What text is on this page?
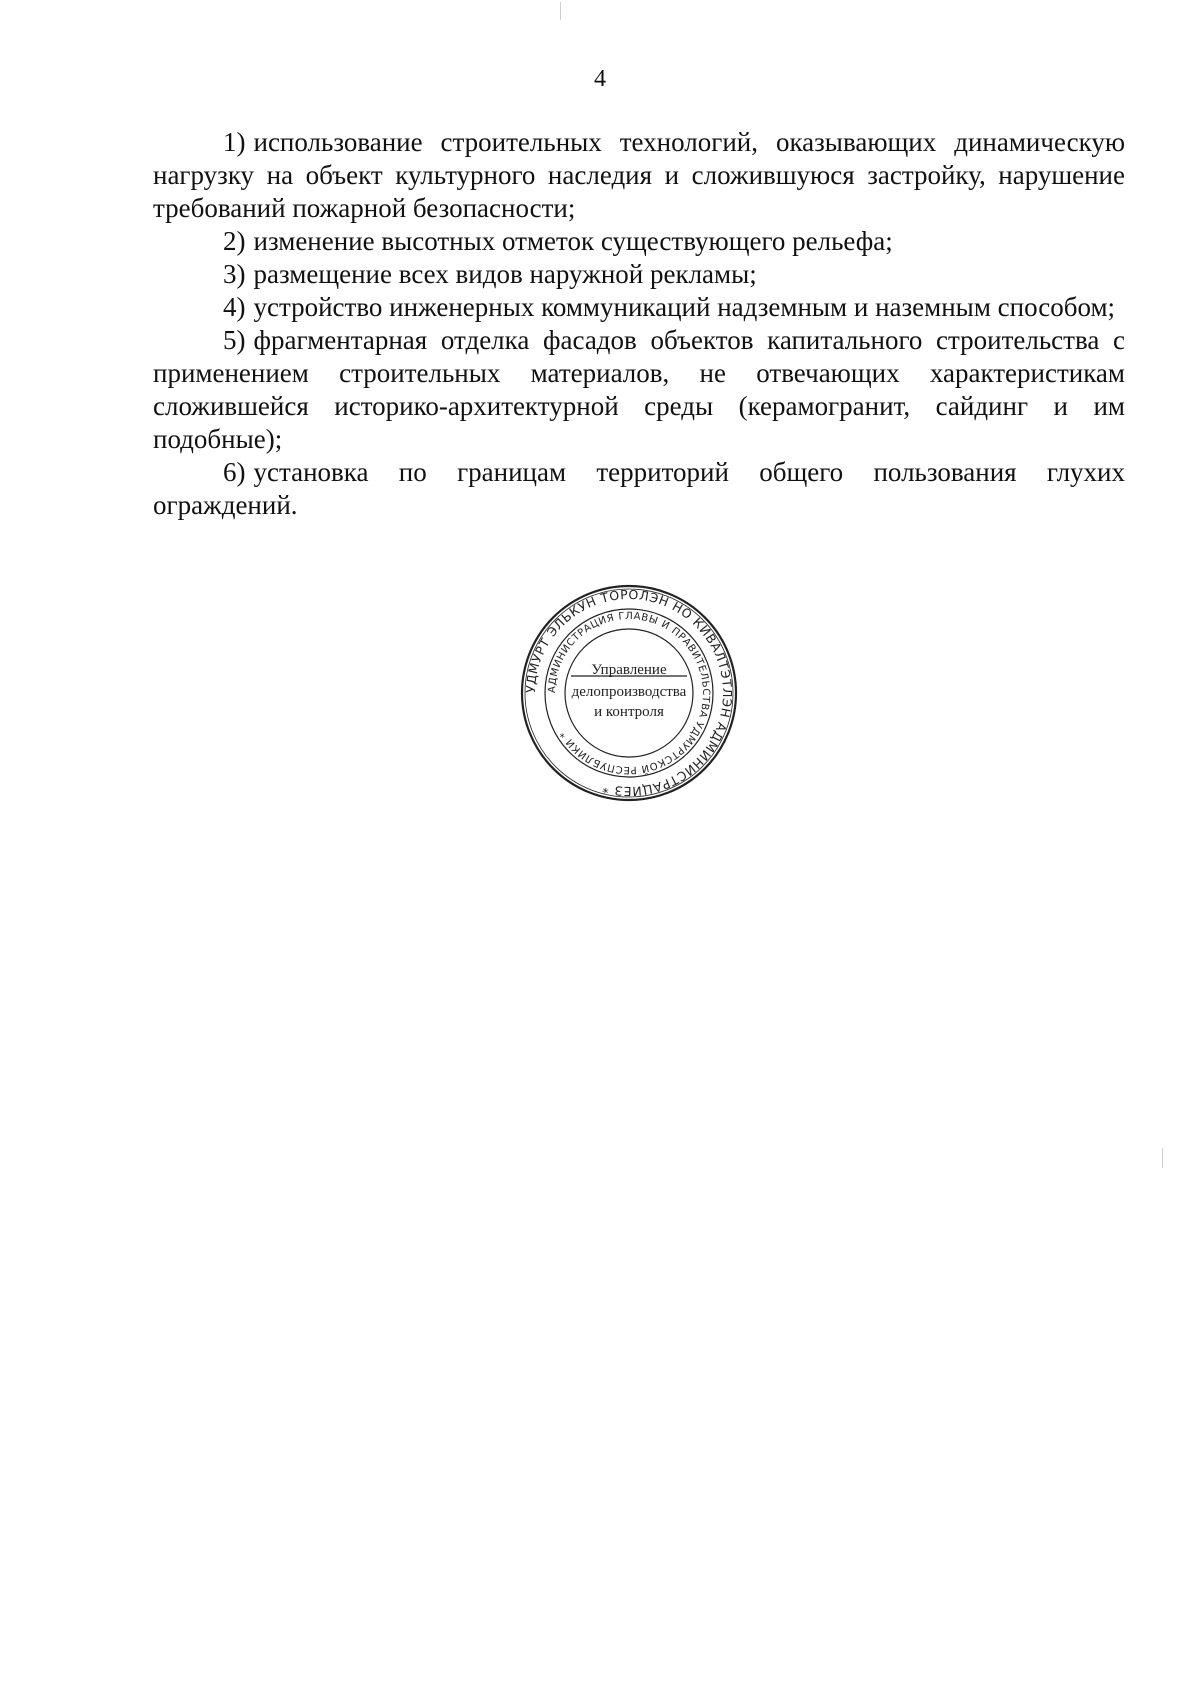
4

1) использование строительных технологий, оказывающих динамическую нагрузку на объект культурного наследия и сложившуюся застройку, нарушение требований пожарной безопасности;

2) изменение высотных отметок существующего рельефа;

3) размещение всех видов наружной рекламы;

4) устройство инженерных коммуникаций надземным и наземным способом;

5) фрагментарная отделка фасадов объектов капитального строительства с применением строительных материалов, не отвечающих характеристикам сложившейся историко-архитектурной среды (керамогранит, сайдинг и им подобные);

6) установка по границам территорий общего пользования глухих ограждений.

УДМУРТ ЭЛЬКУН ТОРОЛЭН НО КИВАЛТЭТЛЭН АДМИНИСТРАЦИЕЗ *
АДМИНИСТРАЦИЯ ГЛАВЫ И ПРАВИТЕЛЬСТВА УДМУРТСКОЙ РЕСПУБЛИКИ *
Управление
делопроизводства
и контроля
